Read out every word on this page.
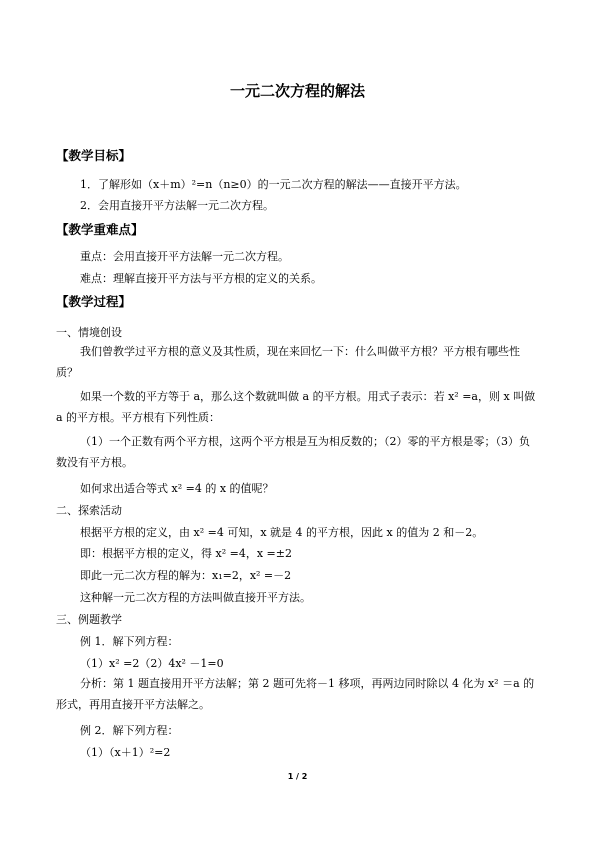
一元二次方程的解法
【教学目标】
1．了解形如（x＋m）²=n（n≥0）的一元二次方程的解法——直接开平方法。
2．会用直接开平方法解一元二次方程。
【教学重难点】
重点：会用直接开平方法解一元二次方程。
难点：理解直接开平方法与平方根的定义的关系。
【教学过程】
一、情境创设
我们曾教学过平方根的意义及其性质，现在来回忆一下：什么叫做平方根？平方根有哪些性质？
如果一个数的平方等于 a，那么这个数就叫做 a 的平方根。用式子表示：若 x² =a，则 x 叫做 a 的平方根。平方根有下列性质：
（1）一个正数有两个平方根，这两个平方根是互为相反数的；（2）零的平方根是零；（3）负数没有平方根。
如何求出适合等式 x² =4 的 x 的值呢？
二、探索活动
根据平方根的定义，由 x² =4 可知，x 就是 4 的平方根，因此 x 的值为 2 和－2。
即：根据平方根的定义，得 x² =4，x =±2
即此一元二次方程的解为：x₁=2，x² =－2
这种解一元二次方程的方法叫做直接开平方法。
三、例题教学
例 1．解下列方程：
（1）x² =2（2）4x² －1=0
分析：第 1 题直接用开平方法解；第 2 题可先将－1 移项，再两边同时除以 4 化为 x² ＝a 的形式，再用直接开平方法解之。
例 2．解下列方程：
（1）（x＋1）²=2
1 / 2
